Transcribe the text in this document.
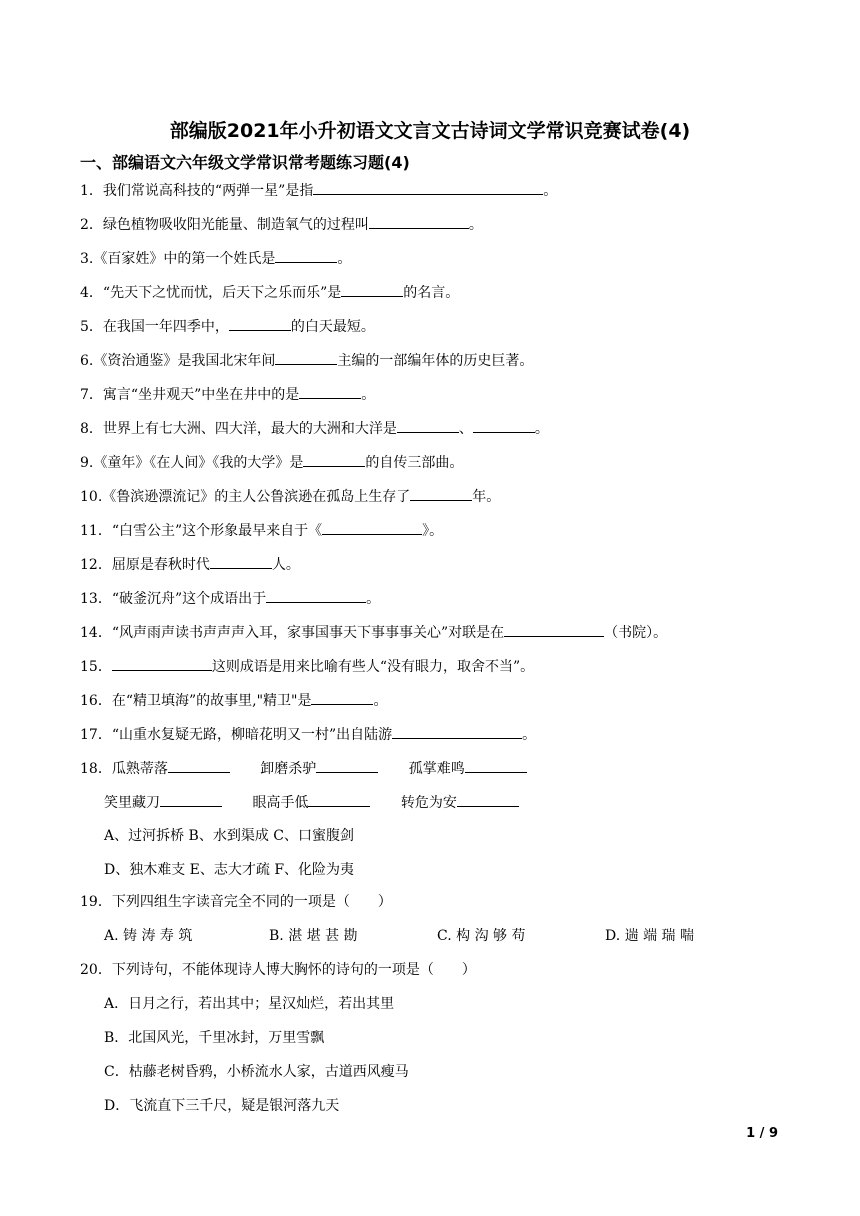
部编版2021年小升初语文文言文古诗词文学常识竞赛试卷(4)
一、部编语文六年级文学常识常考题练习题(4)
1．我们常说高科技的“两弹一星”是指	。
2．绿色植物吸收阳光能量、制造氧气的过程叫	。
3.《百家姓》中的第一个姓氏是	。
4．“先天下之忧而忧，后天下之乐而乐”是	的名言。
5．在我国一年四季中，	的白天最短。
6.《资治通鉴》是我国北宋年间	主编的一部编年体的历史巨著。
7．寓言“坐井观天”中坐在井中的是	。
8．世界上有七大洲、四大洋，最大的大洲和大洋是	、	。
9.《童年》《在人间》《我的大学》是	的自传三部曲。
10.《鲁滨逊漂流记》的主人公鲁滨逊在孤岛上生存了	年。
11．“白雪公主”这个形象最早来自于《	》。
12．屈原是春秋时代	人。
13．“破釜沉舟”这个成语出于	。
14．“风声雨声读书声声声入耳，家事国事天下事事事关心”对联是在	（书院）。
15．	这则成语是用来比喻有些人“没有眼力，取舍不当”。
16．在“精卫填海”的故事里,"精卫"是	。
17．“山重水复疑无路，柳暗花明又一村”出自陆游	。
18．瓜熟蒂落	卸磨杀驴	孤掌难鸣
笑里藏刀	眼高手低	转危为安
A、过河拆桥 B、水到渠成 C、口蜜腹剑
D、独木难支 E、志大才疏 F、化险为夷
19．下列四组生字读音完全不同的一项是（　　）
A. 铸 涛 寿 筑	B. 湛 堪 甚 勘	C. 构 沟 够 苟	D. 遄 端 瑞 喘
20．下列诗句，不能体现诗人博大胸怀的诗句的一项是（　　）
A．日月之行，若出其中；星汉灿烂，若出其里
B．北国风光，千里冰封，万里雪飘
C．枯藤老树昏鸦，小桥流水人家，古道西风瘦马
D．飞流直下三千尺，疑是银河落九天
1 / 9
